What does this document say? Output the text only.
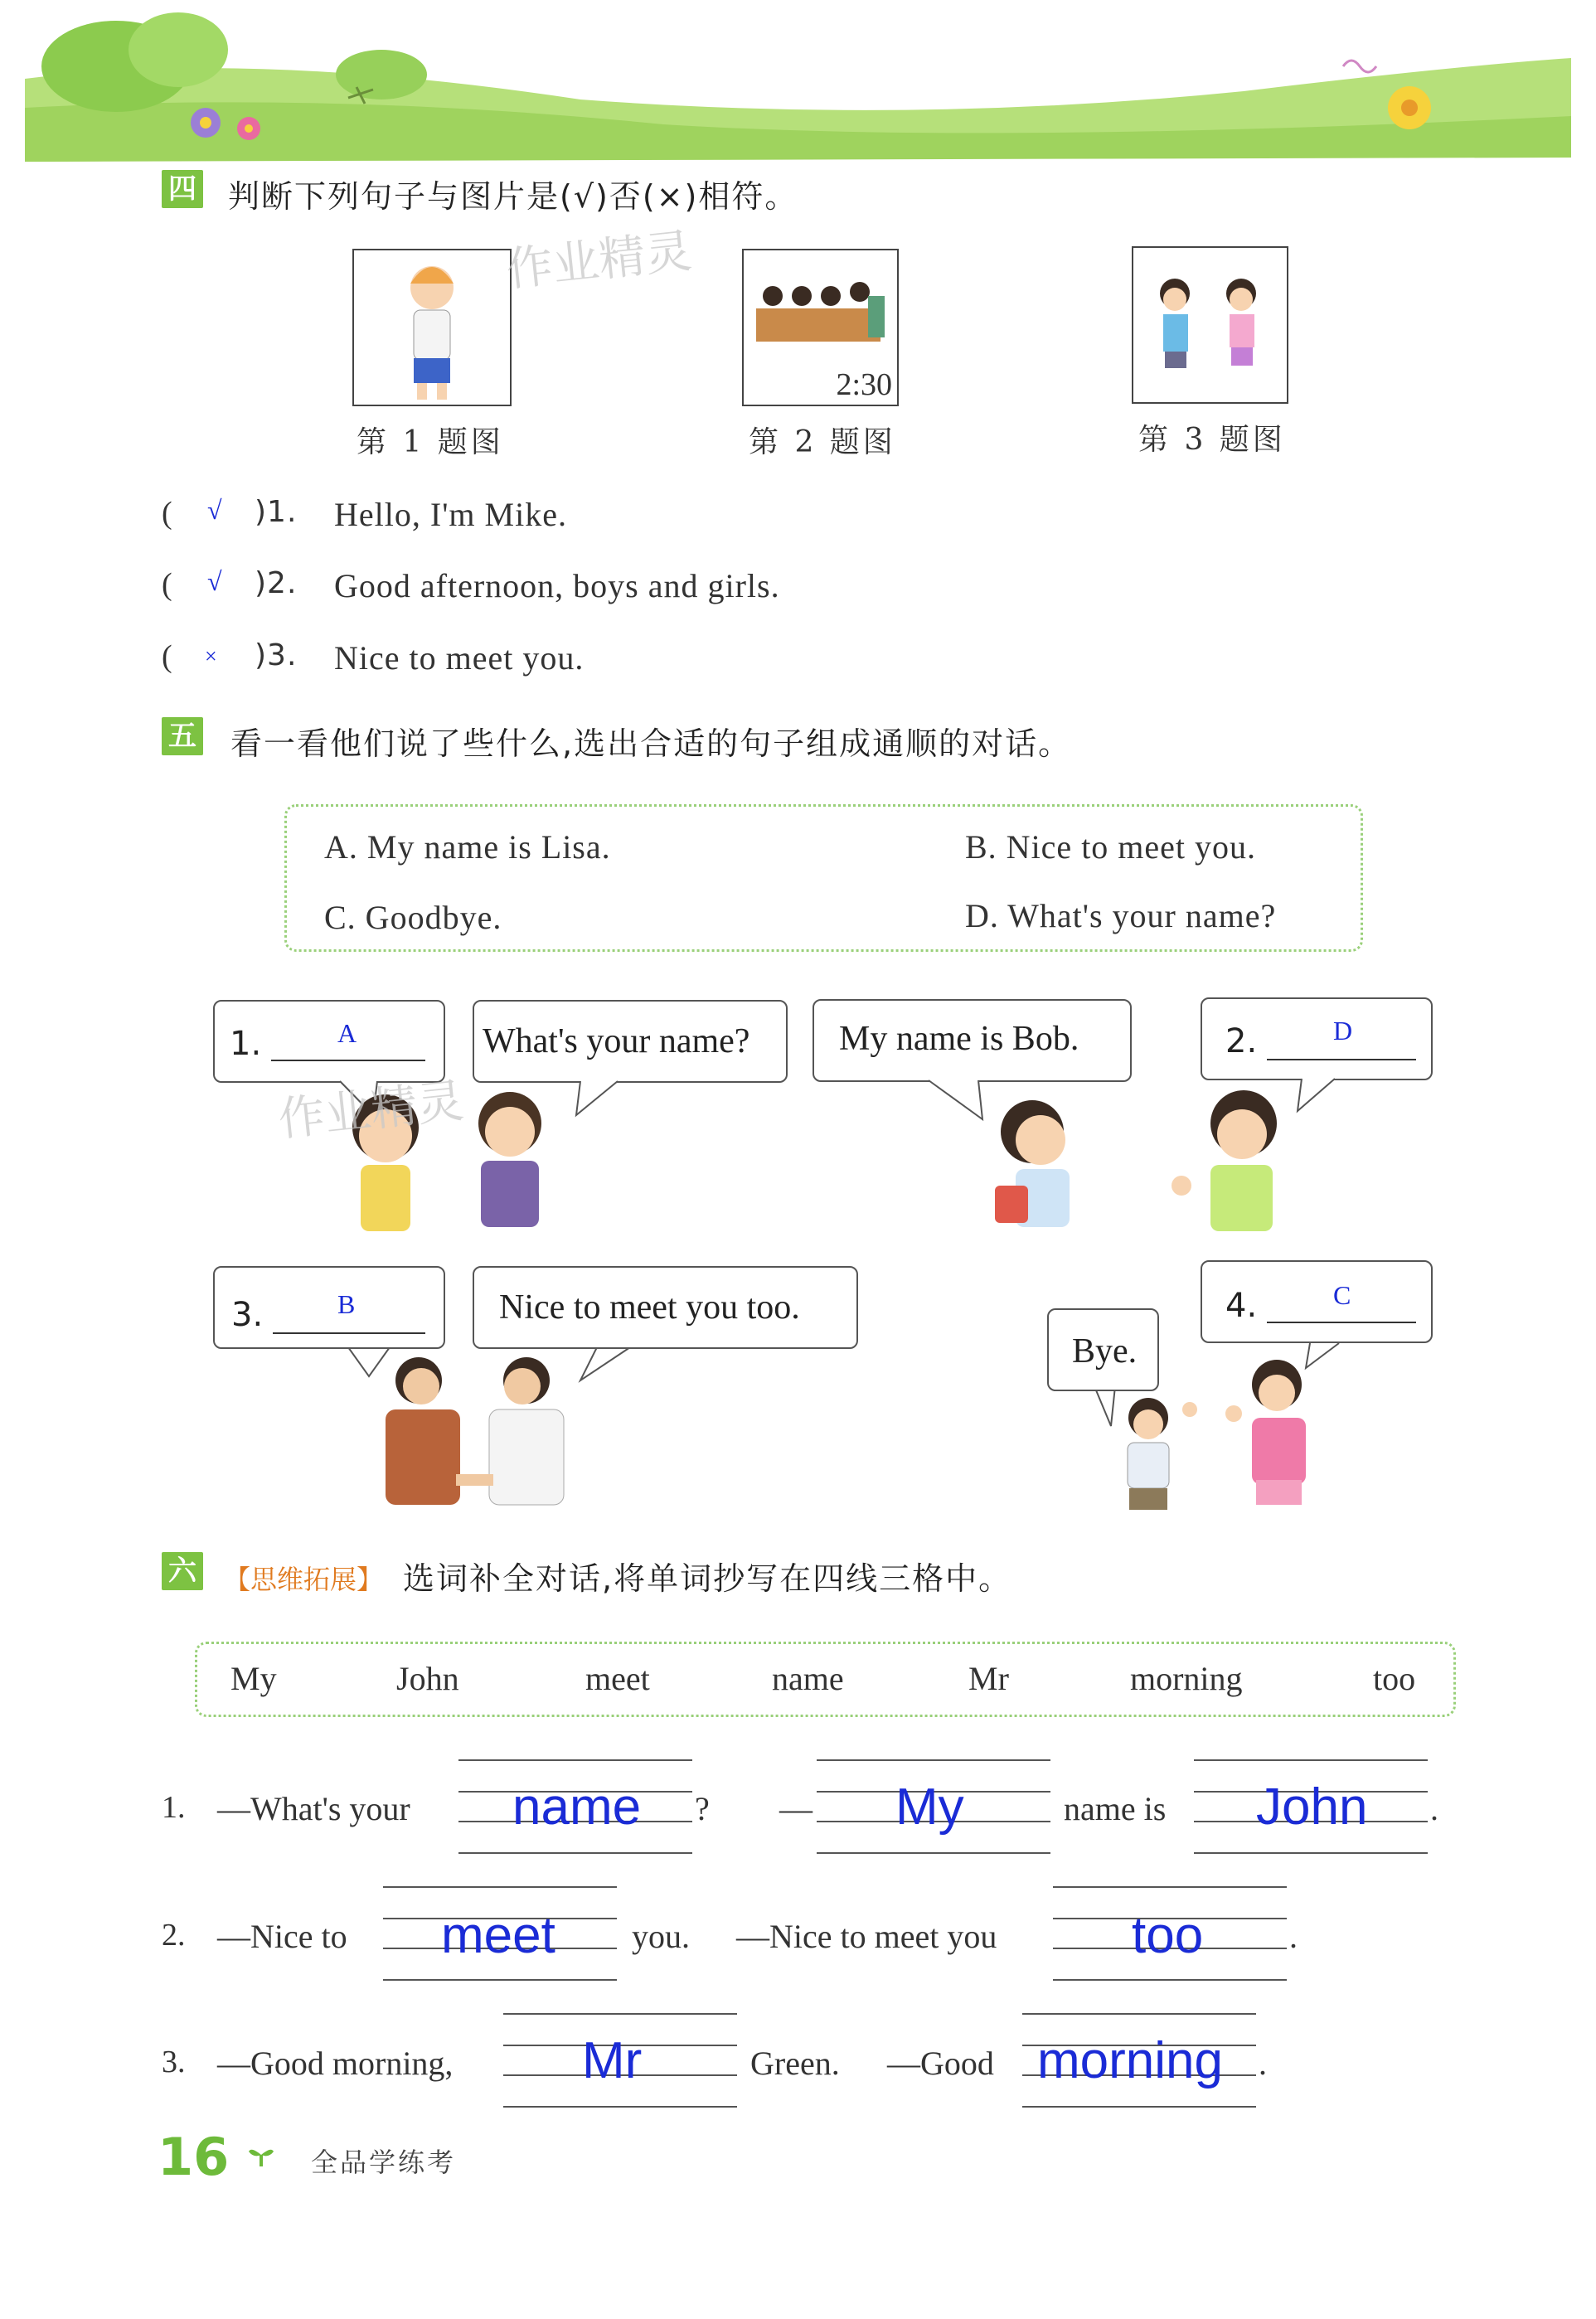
四 判断下列句子与图片是(√)否(×)相符。
2:30
第 1 题图	第 2 题图	第 3 题图
( √ )1. Hello, I'm Mike.
( √ )2. Good afternoon, boys and girls.
( × )3. Nice to meet you.
作业精灵
五 看一看他们说了些什么,选出合适的句子组成通顺的对话。
A. My name is Lisa.	B. Nice to meet you.
C. Goodbye.	D. What's your name?
1.	A	What's your name?	My name is Bob.	2.	D
3.	B	Nice to meet you too.	4.	C
Bye.
作业精灵
六 【思维拓展】 选词补全对话,将单词抄写在四线三格中。
My	John	meet	name	Mr	morning	too
1. —What's your name ? — My	name is John .
2. —Nice to meet you. —Nice to meet you	too	.
3. —Good morning,	Mr	Green. —Good morning .
16	全品学练考
